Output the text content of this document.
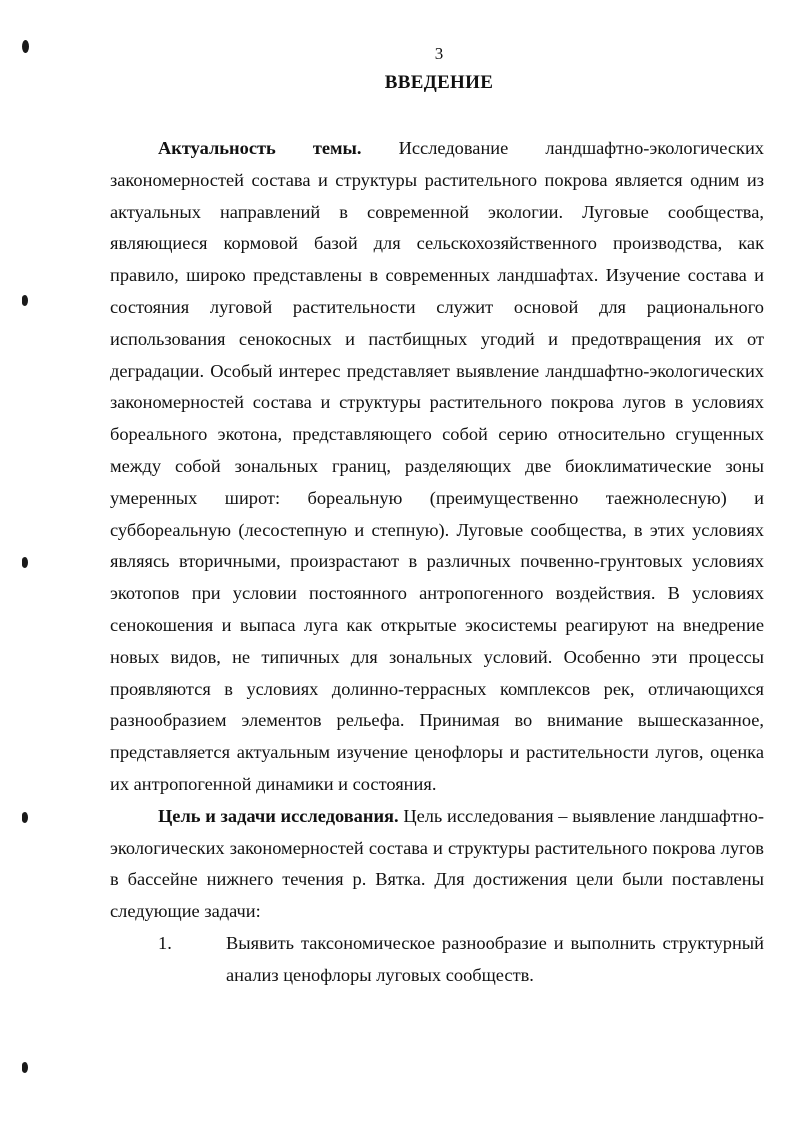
3
ВВЕДЕНИЕ

Актуальность темы. Исследование ландшафтно-экологических закономерностей состава и структуры растительного покрова является одним из актуальных направлений в современной экологии. Луговые сообщества, являющиеся кормовой базой для сельскохозяйственного производства, как правило, широко представлены в современных ландшафтах. Изучение состава и состояния луговой растительности служит основой для рационального использования сенокосных и пастбищных угодий и предотвращения их от деградации. Особый интерес представляет выявление ландшафтно-экологических закономерностей состава и структуры растительного покрова лугов в условиях бореального экотона, представляющего собой серию относительно сгущенных между собой зональных границ, разделяющих две биоклиматические зоны умеренных широт: бореальную (преимущественно таежнолесную) и суббореальную (лесостепную и степную). Луговые сообщества, в этих условиях являясь вторичными, произрастают в различных почвенно-грунтовых условиях экотопов при условии постоянного антропогенного воздействия. В условиях сенокошения и выпаса луга как открытые экосистемы реагируют на внедрение новых видов, не типичных для зональных условий. Особенно эти процессы проявляются в условиях долинно-террасных комплексов рек, отличающихся разнообразием элементов рельефа. Принимая во внимание вышесказанное, представляется актуальным изучение ценофлоры и растительности лугов, оценка их антропогенной динамики и состояния.

Цель и задачи исследования. Цель исследования – выявление ландшафтно-экологических закономерностей состава и структуры растительного покрова лугов в бассейне нижнего течения р. Вятка. Для достижения цели были поставлены следующие задачи:

1.	Выявить таксономическое разнообразие и выполнить структурный анализ ценофлоры луговых сообществ.
